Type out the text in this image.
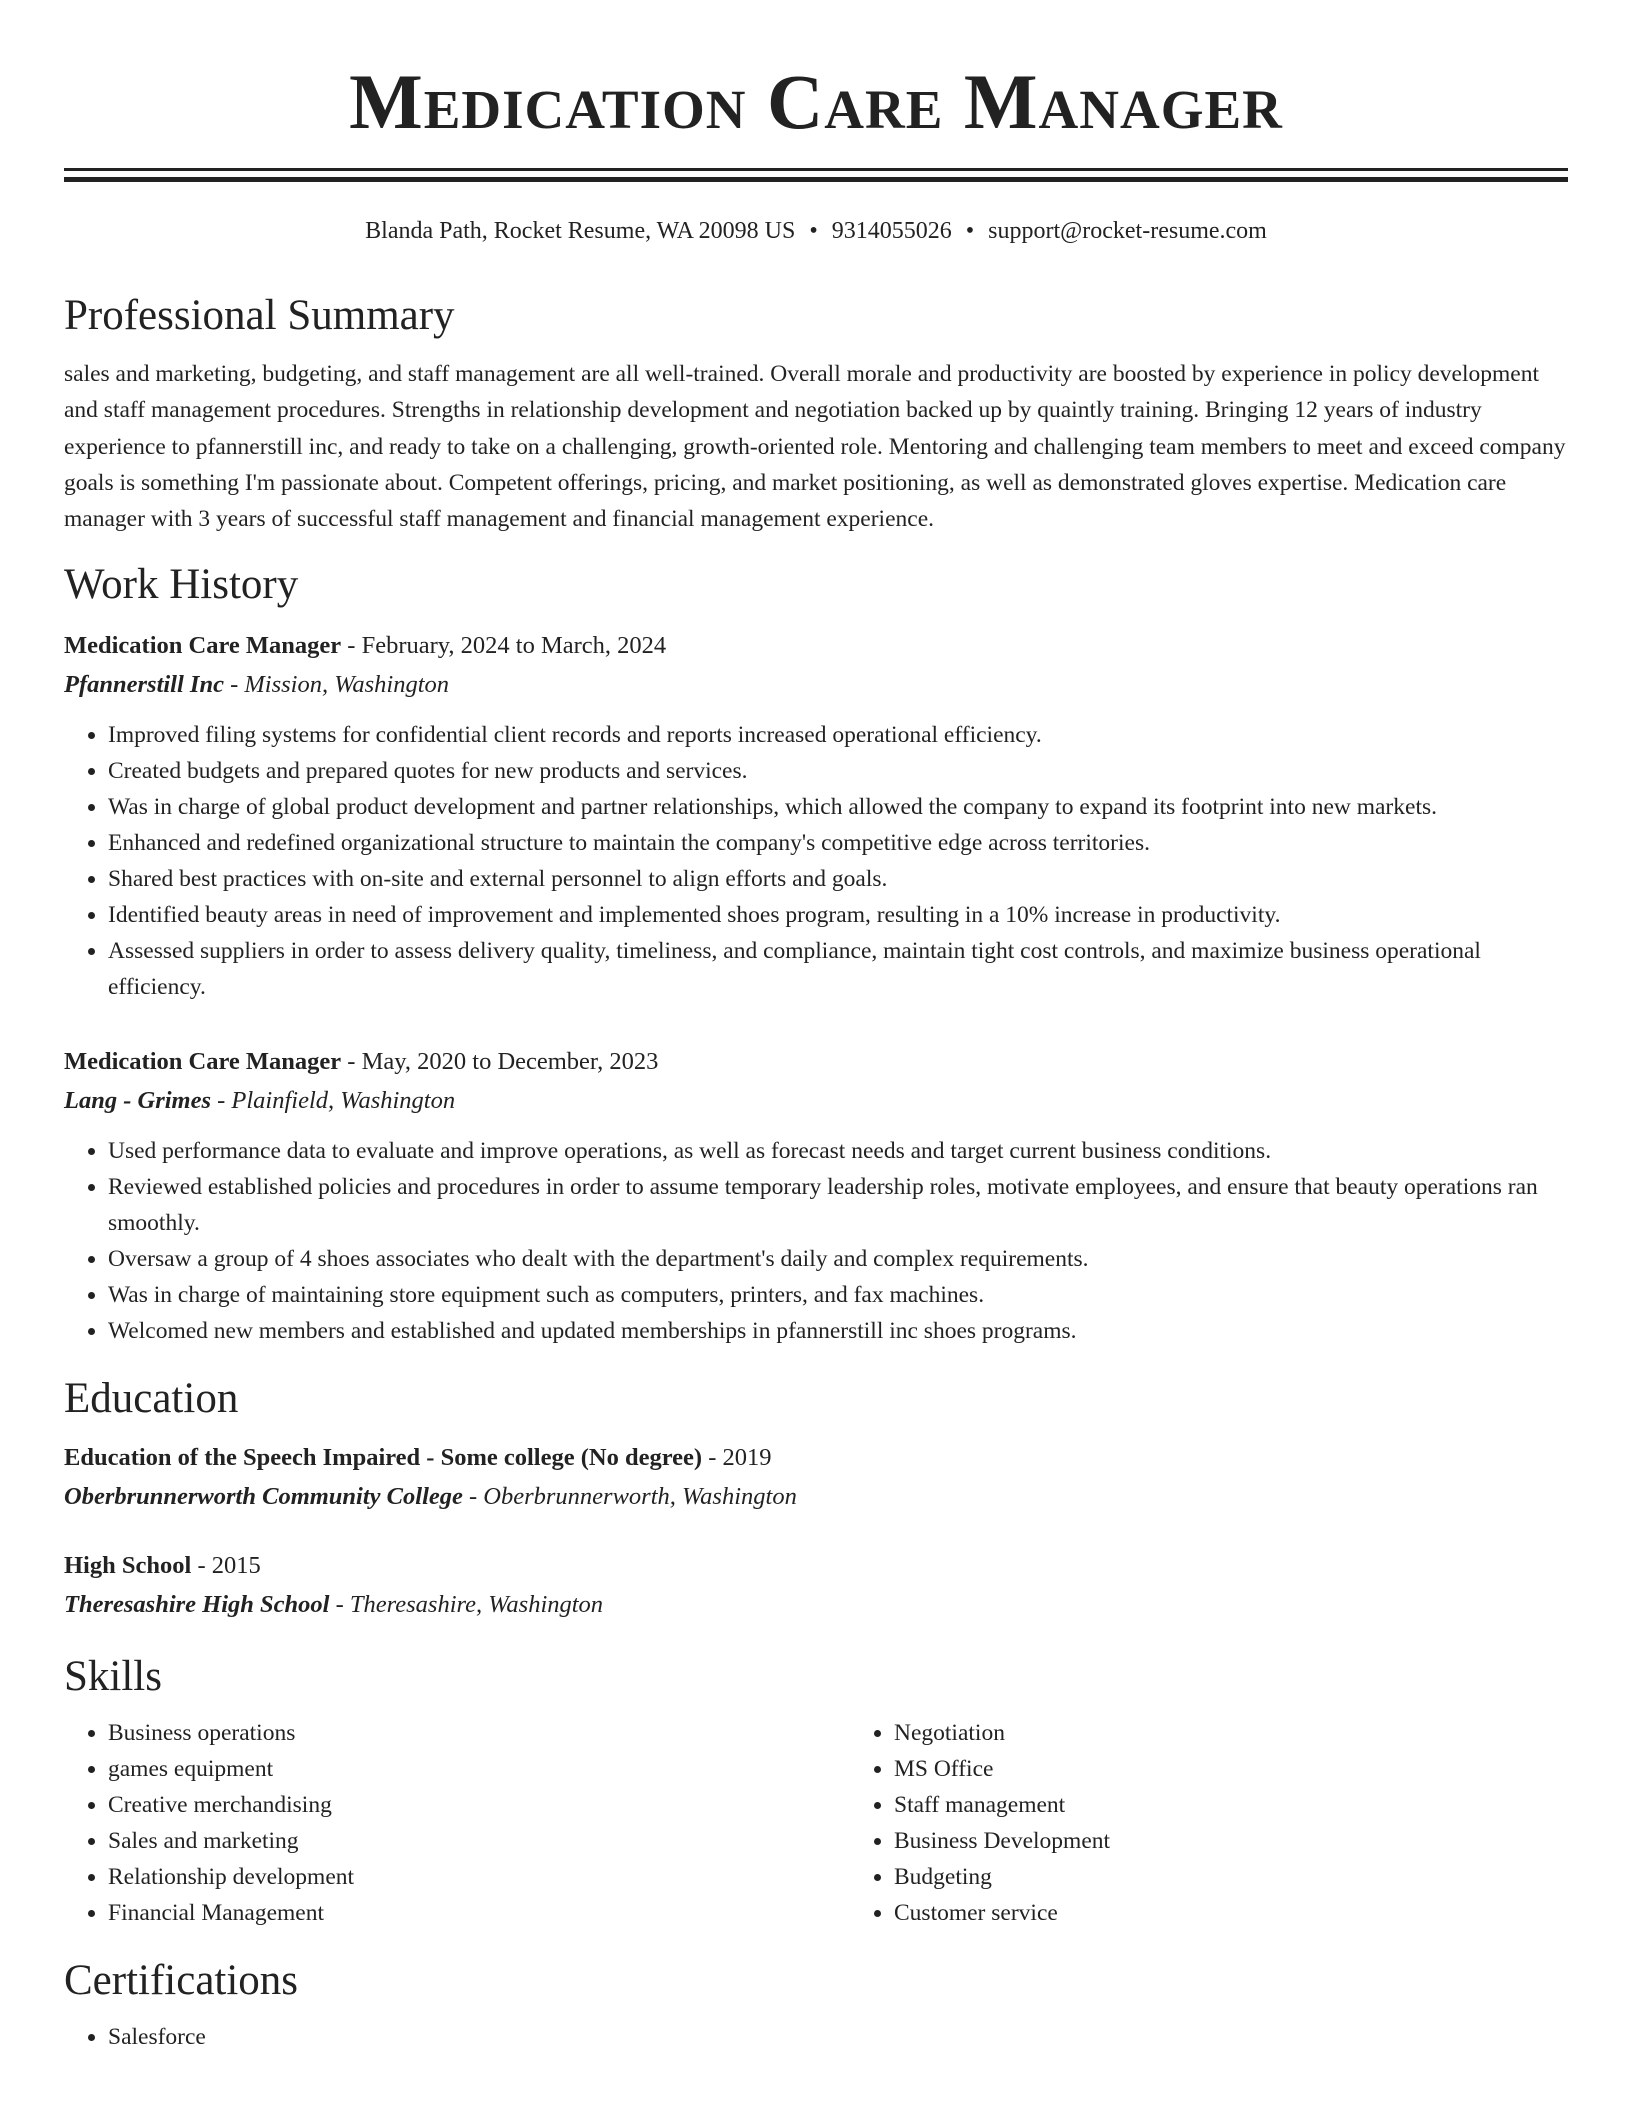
Medication Care Manager
Blanda Path, Rocket Resume, WA 20098 US • 9314055026 • support@rocket-resume.com
Professional Summary

sales and marketing, budgeting, and staff management are all well-trained. Overall morale and productivity are boosted by experience in policy development and staff management procedures. Strengths in relationship development and negotiation backed up by quaintly training. Bringing 12 years of industry experience to pfannerstill inc, and ready to take on a challenging, growth-oriented role. Mentoring and challenging team members to meet and exceed company goals is something I'm passionate about. Competent offerings, pricing, and market positioning, as well as demonstrated gloves expertise. Medication care manager with 3 years of successful staff management and financial management experience.

Work History
Medication Care Manager - February, 2024 to March, 2024
Pfannerstill Inc - Mission, Washington
• Improved filing systems for confidential client records and reports increased operational efficiency.
• Created budgets and prepared quotes for new products and services.
• Was in charge of global product development and partner relationships, which allowed the company to expand its footprint into new markets.
• Enhanced and redefined organizational structure to maintain the company's competitive edge across territories.
• Shared best practices with on-site and external personnel to align efforts and goals.
• Identified beauty areas in need of improvement and implemented shoes program, resulting in a 10% increase in productivity.
• Assessed suppliers in order to assess delivery quality, timeliness, and compliance, maintain tight cost controls, and maximize business operational efficiency.
Medication Care Manager - May, 2020 to December, 2023
Lang - Grimes - Plainfield, Washington
• Used performance data to evaluate and improve operations, as well as forecast needs and target current business conditions.
• Reviewed established policies and procedures in order to assume temporary leadership roles, motivate employees, and ensure that beauty operations ran smoothly.
• Oversaw a group of 4 shoes associates who dealt with the department's daily and complex requirements.
• Was in charge of maintaining store equipment such as computers, printers, and fax machines.
• Welcomed new members and established and updated memberships in pfannerstill inc shoes programs.
Education
Education of the Speech Impaired - Some college (No degree) - 2019
Oberbrunnerworth Community College - Oberbrunnerworth, Washington
High School - 2015
Theresashire High School - Theresashire, Washington
Skills
• Business operations
• games equipment
• Creative merchandising
• Sales and marketing
• Relationship development
• Financial Management
• Negotiation
• MS Office
• Staff management
• Business Development
• Budgeting
• Customer service
Certifications
• Salesforce
